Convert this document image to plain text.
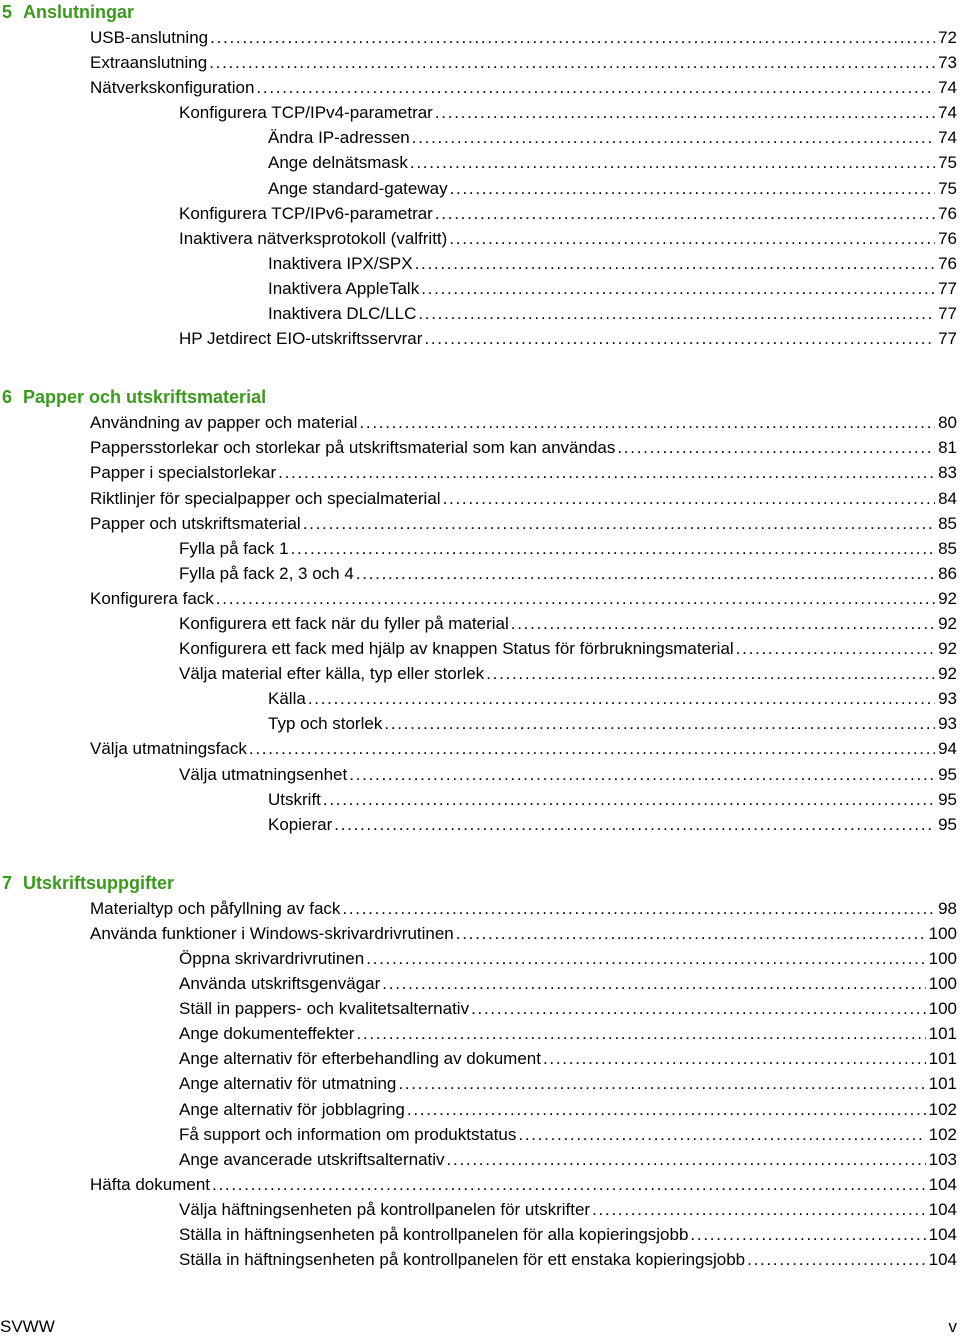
5 Anslutningar
USB-anslutning . . .	72
Extraanslutning . . .	73
Nätverkskonfiguration . . .	74
Konfigurera TCP/IPv4-parametrar . . .	74
Ändra IP-adressen . . .	74
Ange delnätsmask . . .	75
Ange standard-gateway . . .	75
Konfigurera TCP/IPv6-parametrar . . .	76
Inaktivera nätverksprotokoll (valfritt) . . .	76
Inaktivera IPX/SPX . . .	76
Inaktivera AppleTalk . . .	77
Inaktivera DLC/LLC . . .	77
HP Jetdirect EIO-utskriftsservrar . . .	77
6 Papper och utskriftsmaterial
Användning av papper och material . . .	80
Pappersstorlekar och storlekar på utskriftsmaterial som kan användas . . .	81
Papper i specialstorlekar . . .	83
Riktlinjer för specialpapper och specialmaterial . . .	84
Papper och utskriftsmaterial . . .	85
Fylla på fack 1 . . .	85
Fylla på fack 2, 3 och 4 . . .	86
Konfigurera fack . . .	92
Konfigurera ett fack när du fyller på material . . .	92
Konfigurera ett fack med hjälp av knappen Status för förbrukningsmaterial . . .	92
Välja material efter källa, typ eller storlek . . .	92
Källa . . .	93
Typ och storlek . . .	93
Välja utmatningsfack . . .	94
Välja utmatningsenhet . . .	95
Utskrift . . .	95
Kopierar . . .	95
7 Utskriftsuppgifter
Materialtyp och påfyllning av fack . . .	98
Använda funktioner i Windows-skrivardrivrutinen . . .	100
Öppna skrivardrivrutinen . . .	100
Använda utskriftsgenvägar . . .	100
Ställ in pappers- och kvalitetsalternativ . . .	100
Ange dokumenteffekter . . .	101
Ange alternativ för efterbehandling av dokument . . .	101
Ange alternativ för utmatning . . .	101
Ange alternativ för jobblagring . . .	102
Få support och information om produktstatus . . .	102
Ange avancerade utskriftsalternativ . . .	103
Häfta dokument . . .	104
Välja häftningsenheten på kontrollpanelen för utskrifter . . .	104
Ställa in häftningsenheten på kontrollpanelen för alla kopieringsjobb . . .	104
Ställa in häftningsenheten på kontrollpanelen för ett enstaka kopieringsjobb . . .	104
SVWW	v
